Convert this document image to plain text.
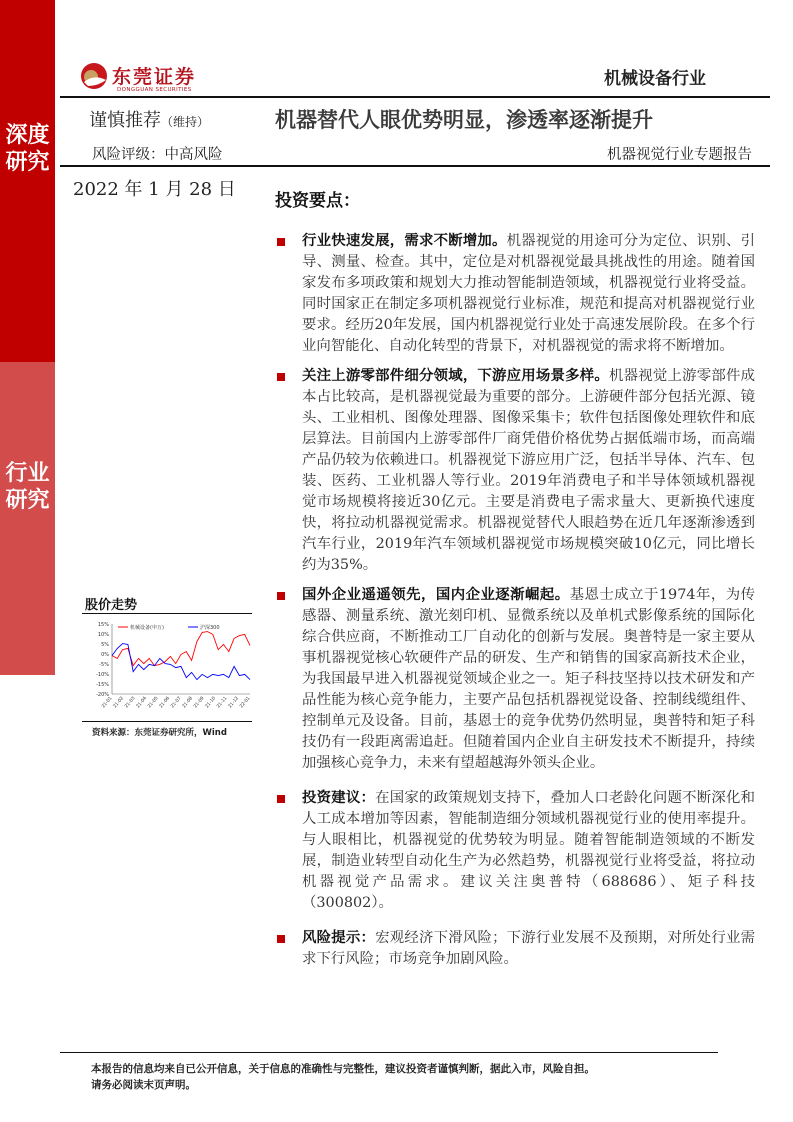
深度研究
行业研究
东莞证券
DONGGUAN SECURITIES
机械设备行业
谨慎推荐（维持）	机器替代人眼优势明显，渗透率逐渐提升
风险评级：中高风险	机器视觉行业专题报告
2022 年 1 月 28 日
投资要点：
行业快速发展，需求不断增加。机器视觉的用途可分为定位、识别、引导、测量、检查。其中，定位是对机器视觉最具挑战性的用途。随着国家发布多项政策和规划大力推动智能制造领域，机器视觉行业将受益。同时国家正在制定多项机器视觉行业标准，规范和提高对机器视觉行业要求。经历20年发展，国内机器视觉行业处于高速发展阶段。在多个行业向智能化、自动化转型的背景下，对机器视觉的需求将不断增加。
关注上游零部件细分领域，下游应用场景多样。机器视觉上游零部件成本占比较高，是机器视觉最为重要的部分。上游硬件部分包括光源、镜头、工业相机、图像处理器、图像采集卡；软件包括图像处理软件和底层算法。目前国内上游零部件厂商凭借价格优势占据低端市场，而高端产品仍较为依赖进口。机器视觉下游应用广泛，包括半导体、汽车、包装、医药、工业机器人等行业。2019年消费电子和半导体领域机器视觉市场规模将接近30亿元。主要是消费电子需求量大、更新换代速度快，将拉动机器视觉需求。机器视觉替代人眼趋势在近几年逐渐渗透到汽车行业，2019年汽车领域机器视觉市场规模突破10亿元，同比增长约为35%。
国外企业遥遥领先，国内企业逐渐崛起。基恩士成立于1974年，为传感器、测量系统、激光刻印机、显微系统以及单机式影像系统的国际化综合供应商，不断推动工厂自动化的创新与发展。奥普特是一家主要从事机器视觉核心软硬件产品的研发、生产和销售的国家高新技术企业，为我国最早进入机器视觉领域企业之一。矩子科技坚持以技术研发和产品性能为核心竞争能力，主要产品包括机器视觉设备、控制线缆组件、控制单元及设备。目前，基恩士的竞争优势仍然明显，奥普特和矩子科技仍有一段距离需追赶。但随着国内企业自主研发技术不断提升，持续加强核心竞争力，未来有望超越海外领头企业。
投资建议：在国家的政策规划支持下，叠加人口老龄化问题不断深化和人工成本增加等因素，智能制造细分领域机器视觉行业的使用率提升。与人眼相比，机器视觉的优势较为明显。随着智能制造领域的不断发展，制造业转型自动化生产为必然趋势，机器视觉行业将受益，将拉动机器视觉产品需求。建议关注奥普特（688686）、矩子科技（300802）。
风险提示：宏观经济下滑风险；下游行业发展不及预期，对所处行业需求下行风险；市场竞争加剧风险。
股价走势
15%
10%
5%
0%
-5%
-10%
-15%
-20%
21-01 21-02 21-03 21-04 21-05 21-06 21-07 21-08 21-09 21-10 21-11 21-12 22-01
机械设备(申万)	沪深300
资料来源：东莞证券研究所，Wind
本报告的信息均来自已公开信息，关于信息的准确性与完整性，建议投资者谨慎判断，据此入市，风险自担。
请务必阅读末页声明。
